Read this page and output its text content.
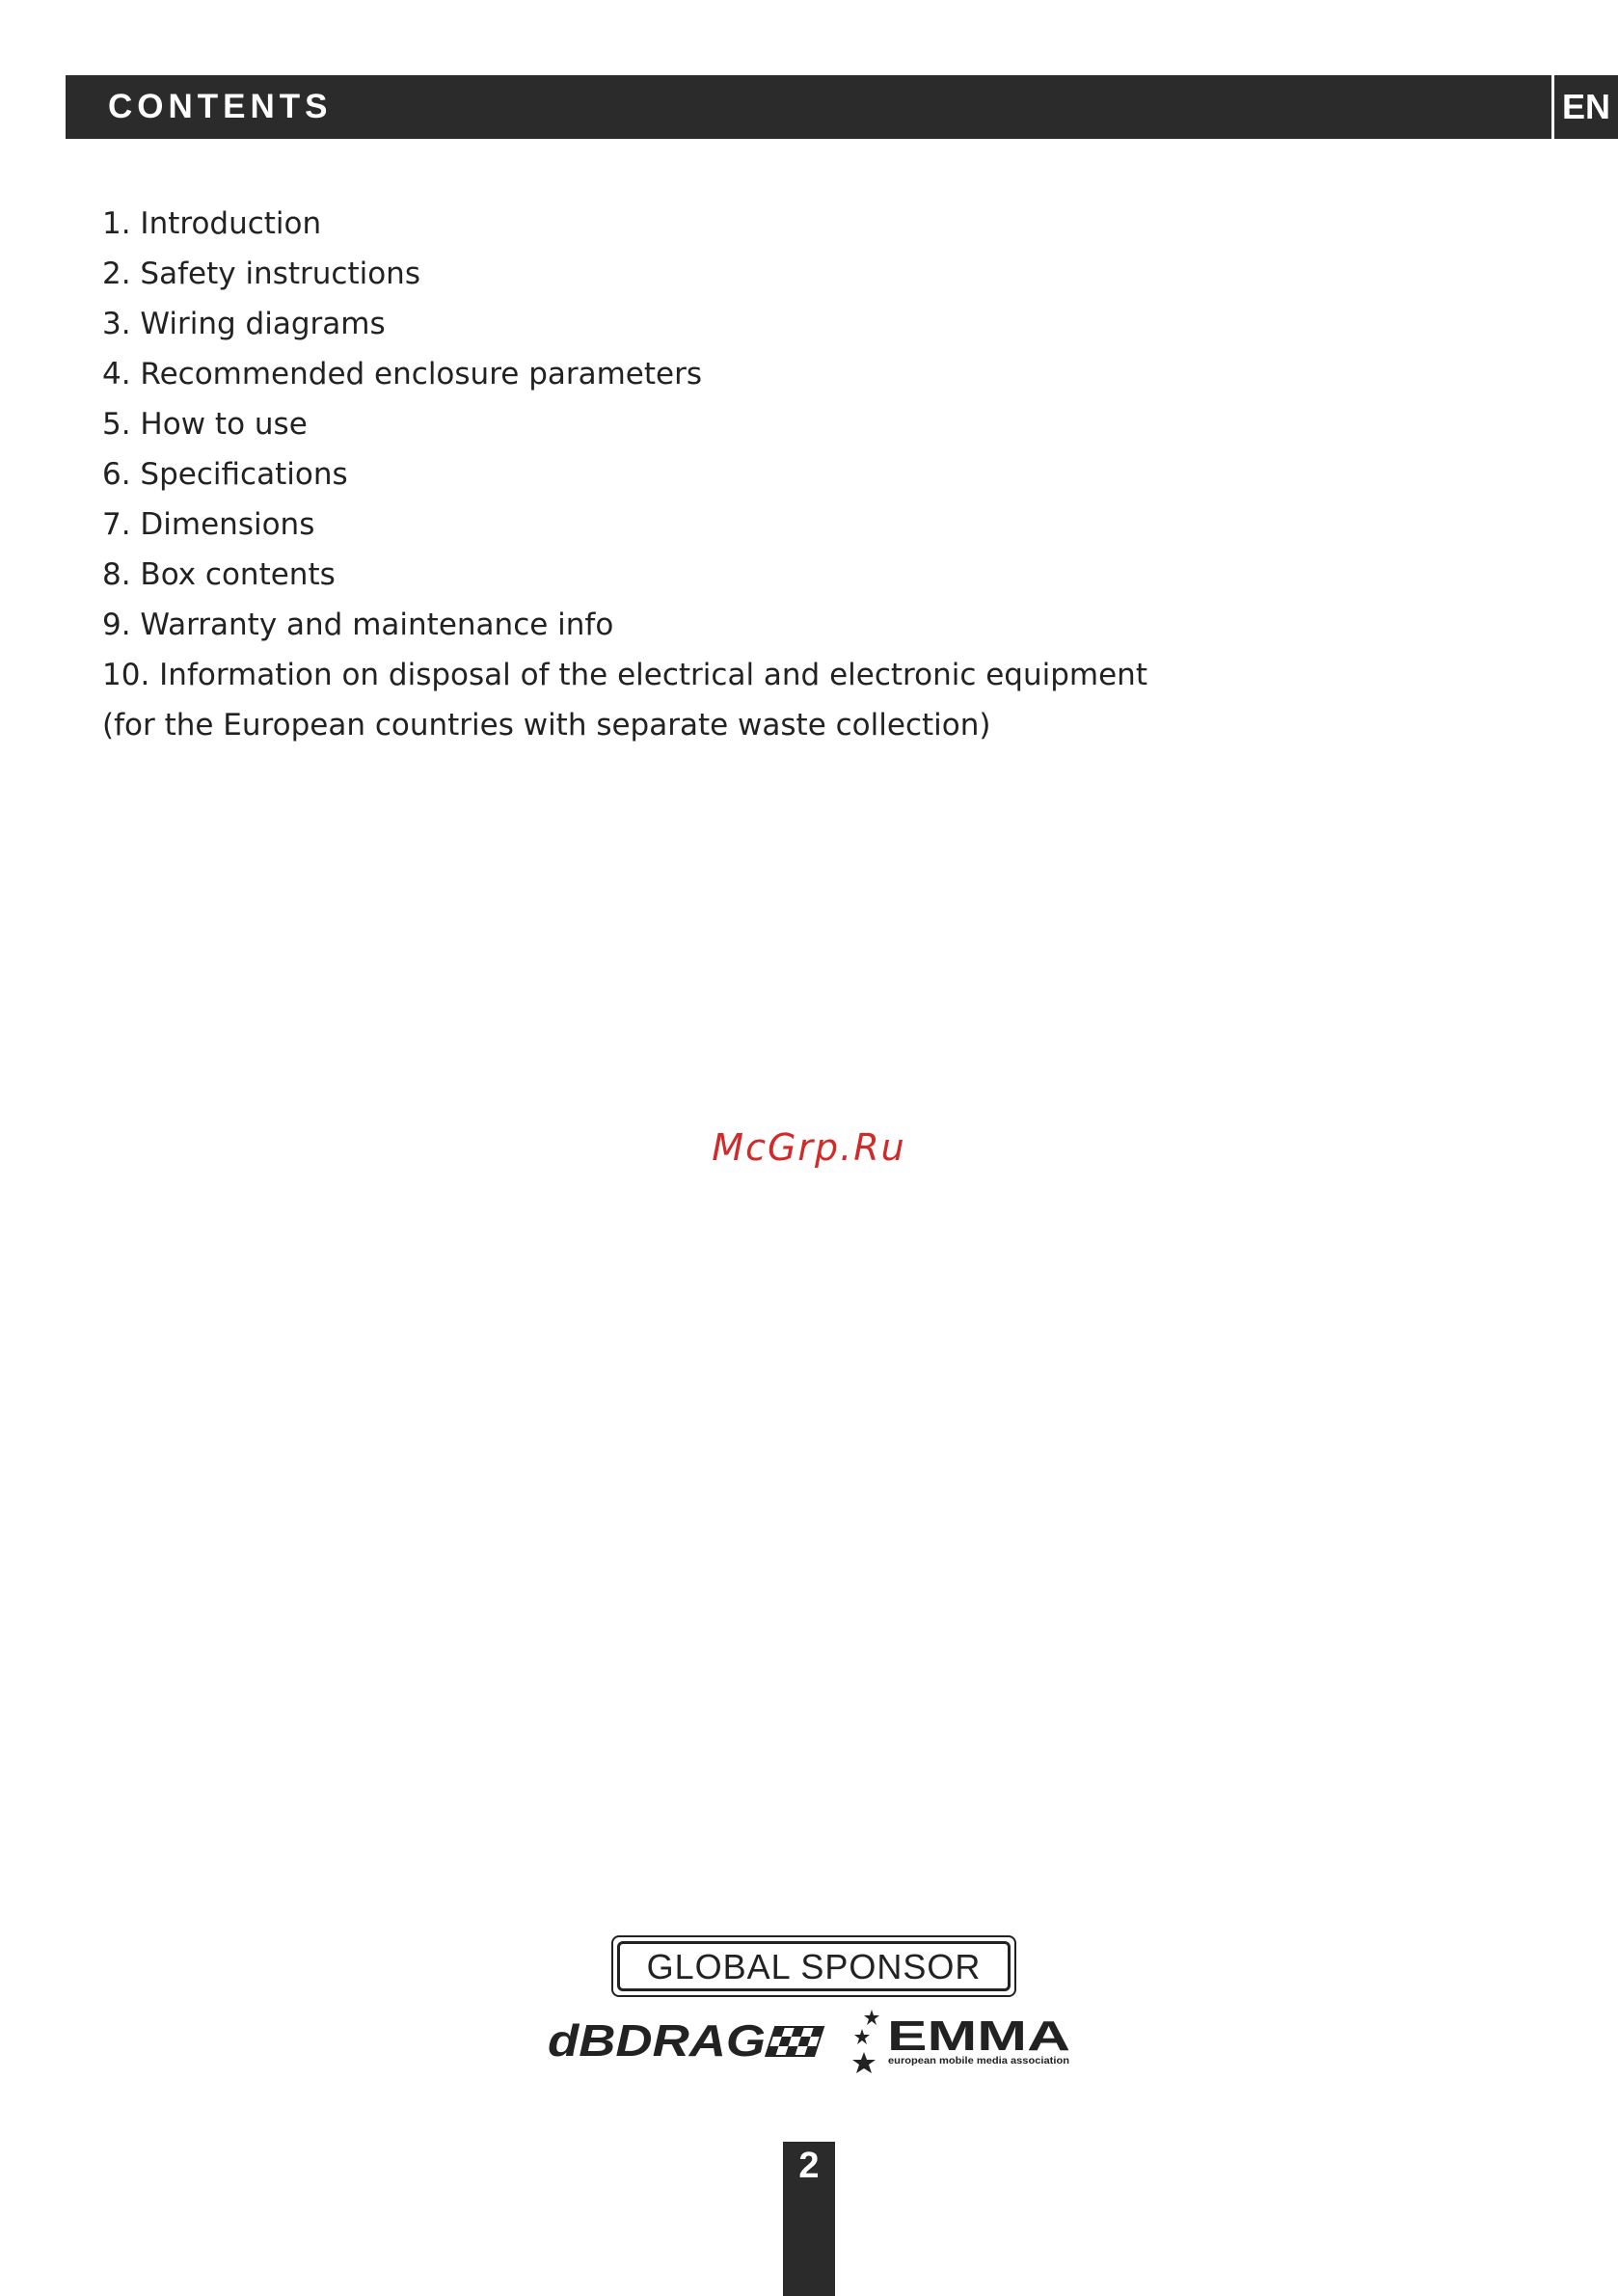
CONTENTS	EN
1. Introduction
2. Safety instructions
3. Wiring diagrams
4. Recommended enclosure parameters
5. How to use
6. Specifications
7. Dimensions
8. Box contents
9. Warranty and maintenance info
10. Information on disposal of the electrical and electronic equipment
(for the European countries with separate waste collection)
McGrp.Ru
GLOBAL SPONSOR
dBDRAG	EMMA
european mobile media association
2
